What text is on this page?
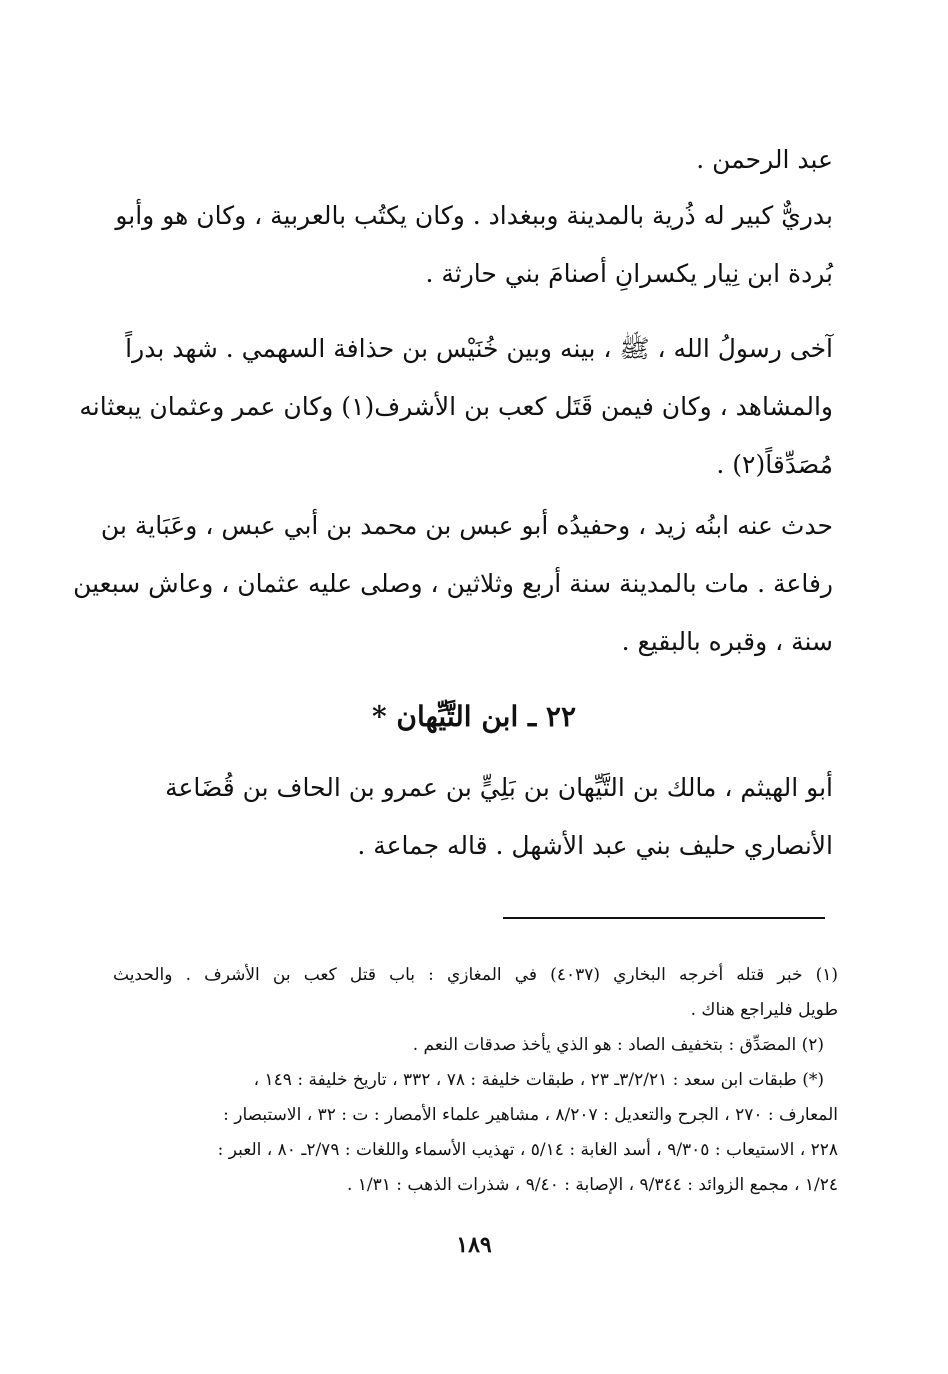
عبد الرحمن .
بدريٌّ كبير له ذُرية بالمدينة وببغداد . وكان يكتُب بالعربية ، وكان هو وأبو
بُردة ابن نِيار يكسرانِ أصنامَ بني حارثة .
آخى رسولُ الله ، ﷺ ، بينه وبين خُنَيْس بن حذافة السهمي . شهد بدراً
والمشاهد ، وكان فيمن قَتَل كعب بن الأشرف(١) وكان عمر وعثمان يبعثانه
مُصَدِّقاً(٢) .
حدث عنه ابنُه زيد ، وحفيدُه أبو عبس بن محمد بن أبي عبس ، وعَبَاية بن
رفاعة . مات بالمدينة سنة أربع وثلاثين ، وصلى عليه عثمان ، وعاش سبعين
سنة ، وقبره بالبقيع .
٢٢ ـ ابن التَّيِّهان *
أبو الهيثم ، مالك بن التَّيِّهان بن بَلِيٍّ بن عمرو بن الحاف بن قُضَاعة
الأنصاري حليف بني عبد الأشهل . قاله جماعة .
(١) خبر قتله أخرجه البخاري (٤٠٣٧) في المغازي : باب قتل كعب بن الأشرف . والحديث
طويل فليراجع هناك .
(٢) المصَدِّق : بتخفيف الصاد : هو الذي يأخذ صدقات النعم .
(*) طبقات ابن سعد : ٣/٢/٢١ـ ٢٣ ، طبقات خليفة : ٧٨ ، ٣٣٢ ، تاريخ خليفة : ١٤٩ ،
المعارف : ٢٧٠ ، الجرح والتعديل : ٨/٢٠٧ ، مشاهير علماء الأمصار : ت : ٣٢ ، الاستبصار :
٢٢٨ ، الاستيعاب : ٩/٣٠٥ ، أسد الغابة : ٥/١٤ ، تهذيب الأسماء واللغات : ٢/٧٩ـ ٨٠ ، العبر :
١/٢٤ ، مجمع الزوائد : ٩/٣٤٤ ، الإصابة : ٩/٤٠ ، شذرات الذهب : ١/٣١ .
١٨٩
